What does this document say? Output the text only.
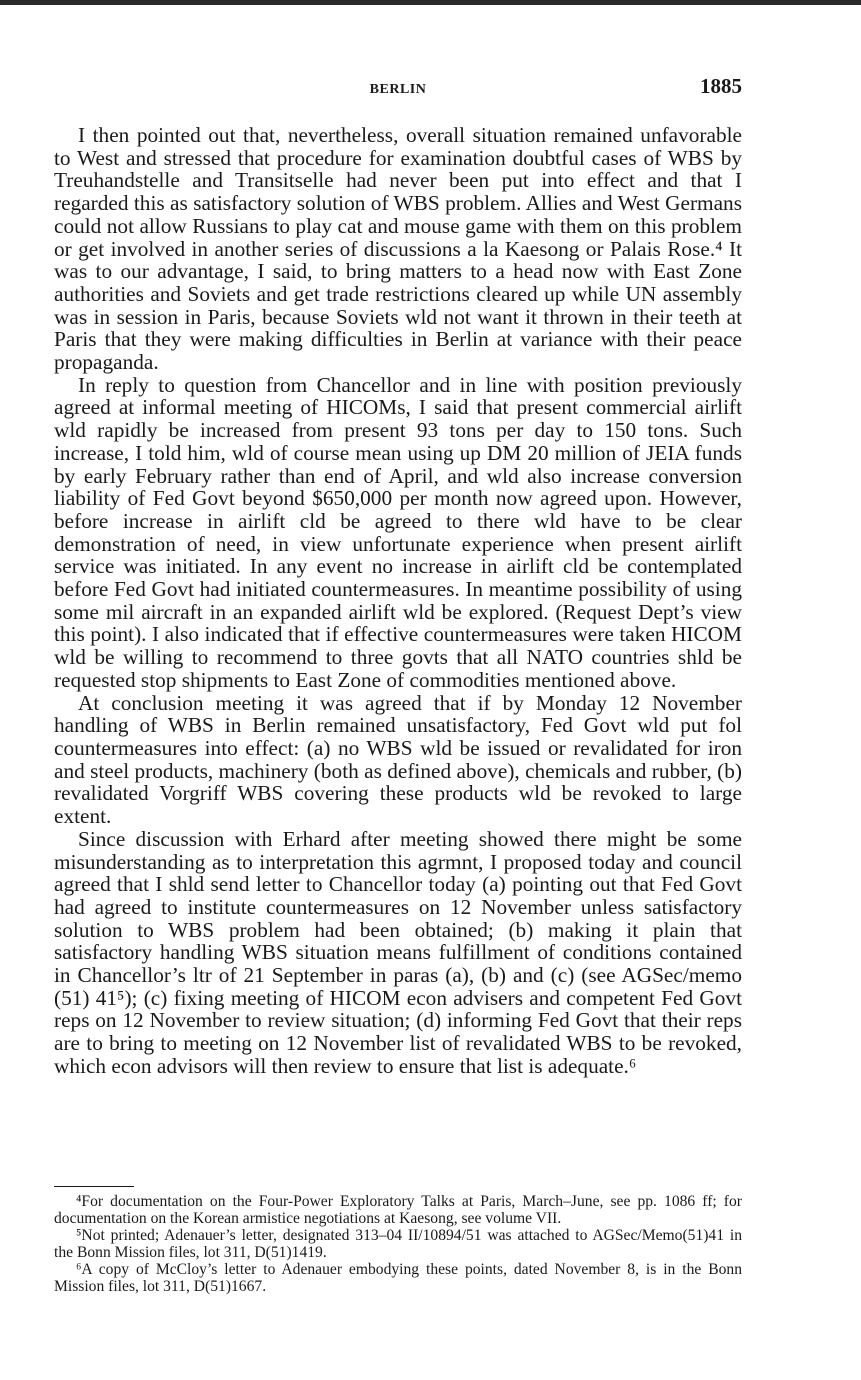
BERLIN	1885

I then pointed out that, nevertheless, overall situation remained unfavorable to West and stressed that procedure for examination doubtful cases of WBS by Treuhandstelle and Transitselle had never been put into effect and that I regarded this as satisfactory solution of WBS problem. Allies and West Germans could not allow Russians to play cat and mouse game with them on this problem or get involved in another series of discussions a la Kaesong or Palais Rose.⁴ It was to our advantage, I said, to bring matters to a head now with East Zone authorities and Soviets and get trade restrictions cleared up while UN assembly was in session in Paris, because Soviets wld not want it thrown in their teeth at Paris that they were making difficulties in Berlin at variance with their peace propaganda.

In reply to question from Chancellor and in line with position previously agreed at informal meeting of HICOMs, I said that present commercial airlift wld rapidly be increased from present 93 tons per day to 150 tons. Such increase, I told him, wld of course mean using up DM 20 million of JEIA funds by early February rather than end of April, and wld also increase conversion liability of Fed Govt beyond $650,000 per month now agreed upon. However, before increase in airlift cld be agreed to there wld have to be clear demonstration of need, in view unfortunate experience when present airlift service was initiated. In any event no increase in airlift cld be contemplated before Fed Govt had initiated countermeasures. In meantime possibility of using some mil aircraft in an expanded airlift wld be explored. (Request Dept’s view this point). I also indicated that if effective countermeasures were taken HICOM wld be willing to recommend to three govts that all NATO countries shld be requested stop shipments to East Zone of commodities mentioned above.

At conclusion meeting it was agreed that if by Monday 12 November handling of WBS in Berlin remained unsatisfactory, Fed Govt wld put fol countermeasures into effect: (a) no WBS wld be issued or revalidated for iron and steel products, machinery (both as defined above), chemicals and rubber, (b) revalidated Vorgriff WBS covering these products wld be revoked to large extent.

Since discussion with Erhard after meeting showed there might be some misunderstanding as to interpretation this agrmnt, I proposed today and council agreed that I shld send letter to Chancellor today (a) pointing out that Fed Govt had agreed to institute countermeasures on 12 November unless satisfactory solution to WBS problem had been obtained; (b) making it plain that satisfactory handling WBS situation means fulfillment of conditions contained in Chancellor’s ltr of 21 September in paras (a), (b) and (c) (see AGSec/memo (51) 41⁵); (c) fixing meeting of HICOM econ advisers and competent Fed Govt reps on 12 November to review situation; (d) informing Fed Govt that their reps are to bring to meeting on 12 November list of revalidated WBS to be revoked, which econ advisors will then review to ensure that list is adequate.⁶

⁴For documentation on the Four-Power Exploratory Talks at Paris, March–June, see pp. 1086 ff; for documentation on the Korean armistice negotiations at Kaesong, see volume VII.

⁵Not printed; Adenauer’s letter, designated 313–04 II/10894/51 was attached to AGSec/Memo(51)41 in the Bonn Mission files, lot 311, D(51)1419.

⁶A copy of McCloy’s letter to Adenauer embodying these points, dated November 8, is in the Bonn Mission files, lot 311, D(51)1667.
